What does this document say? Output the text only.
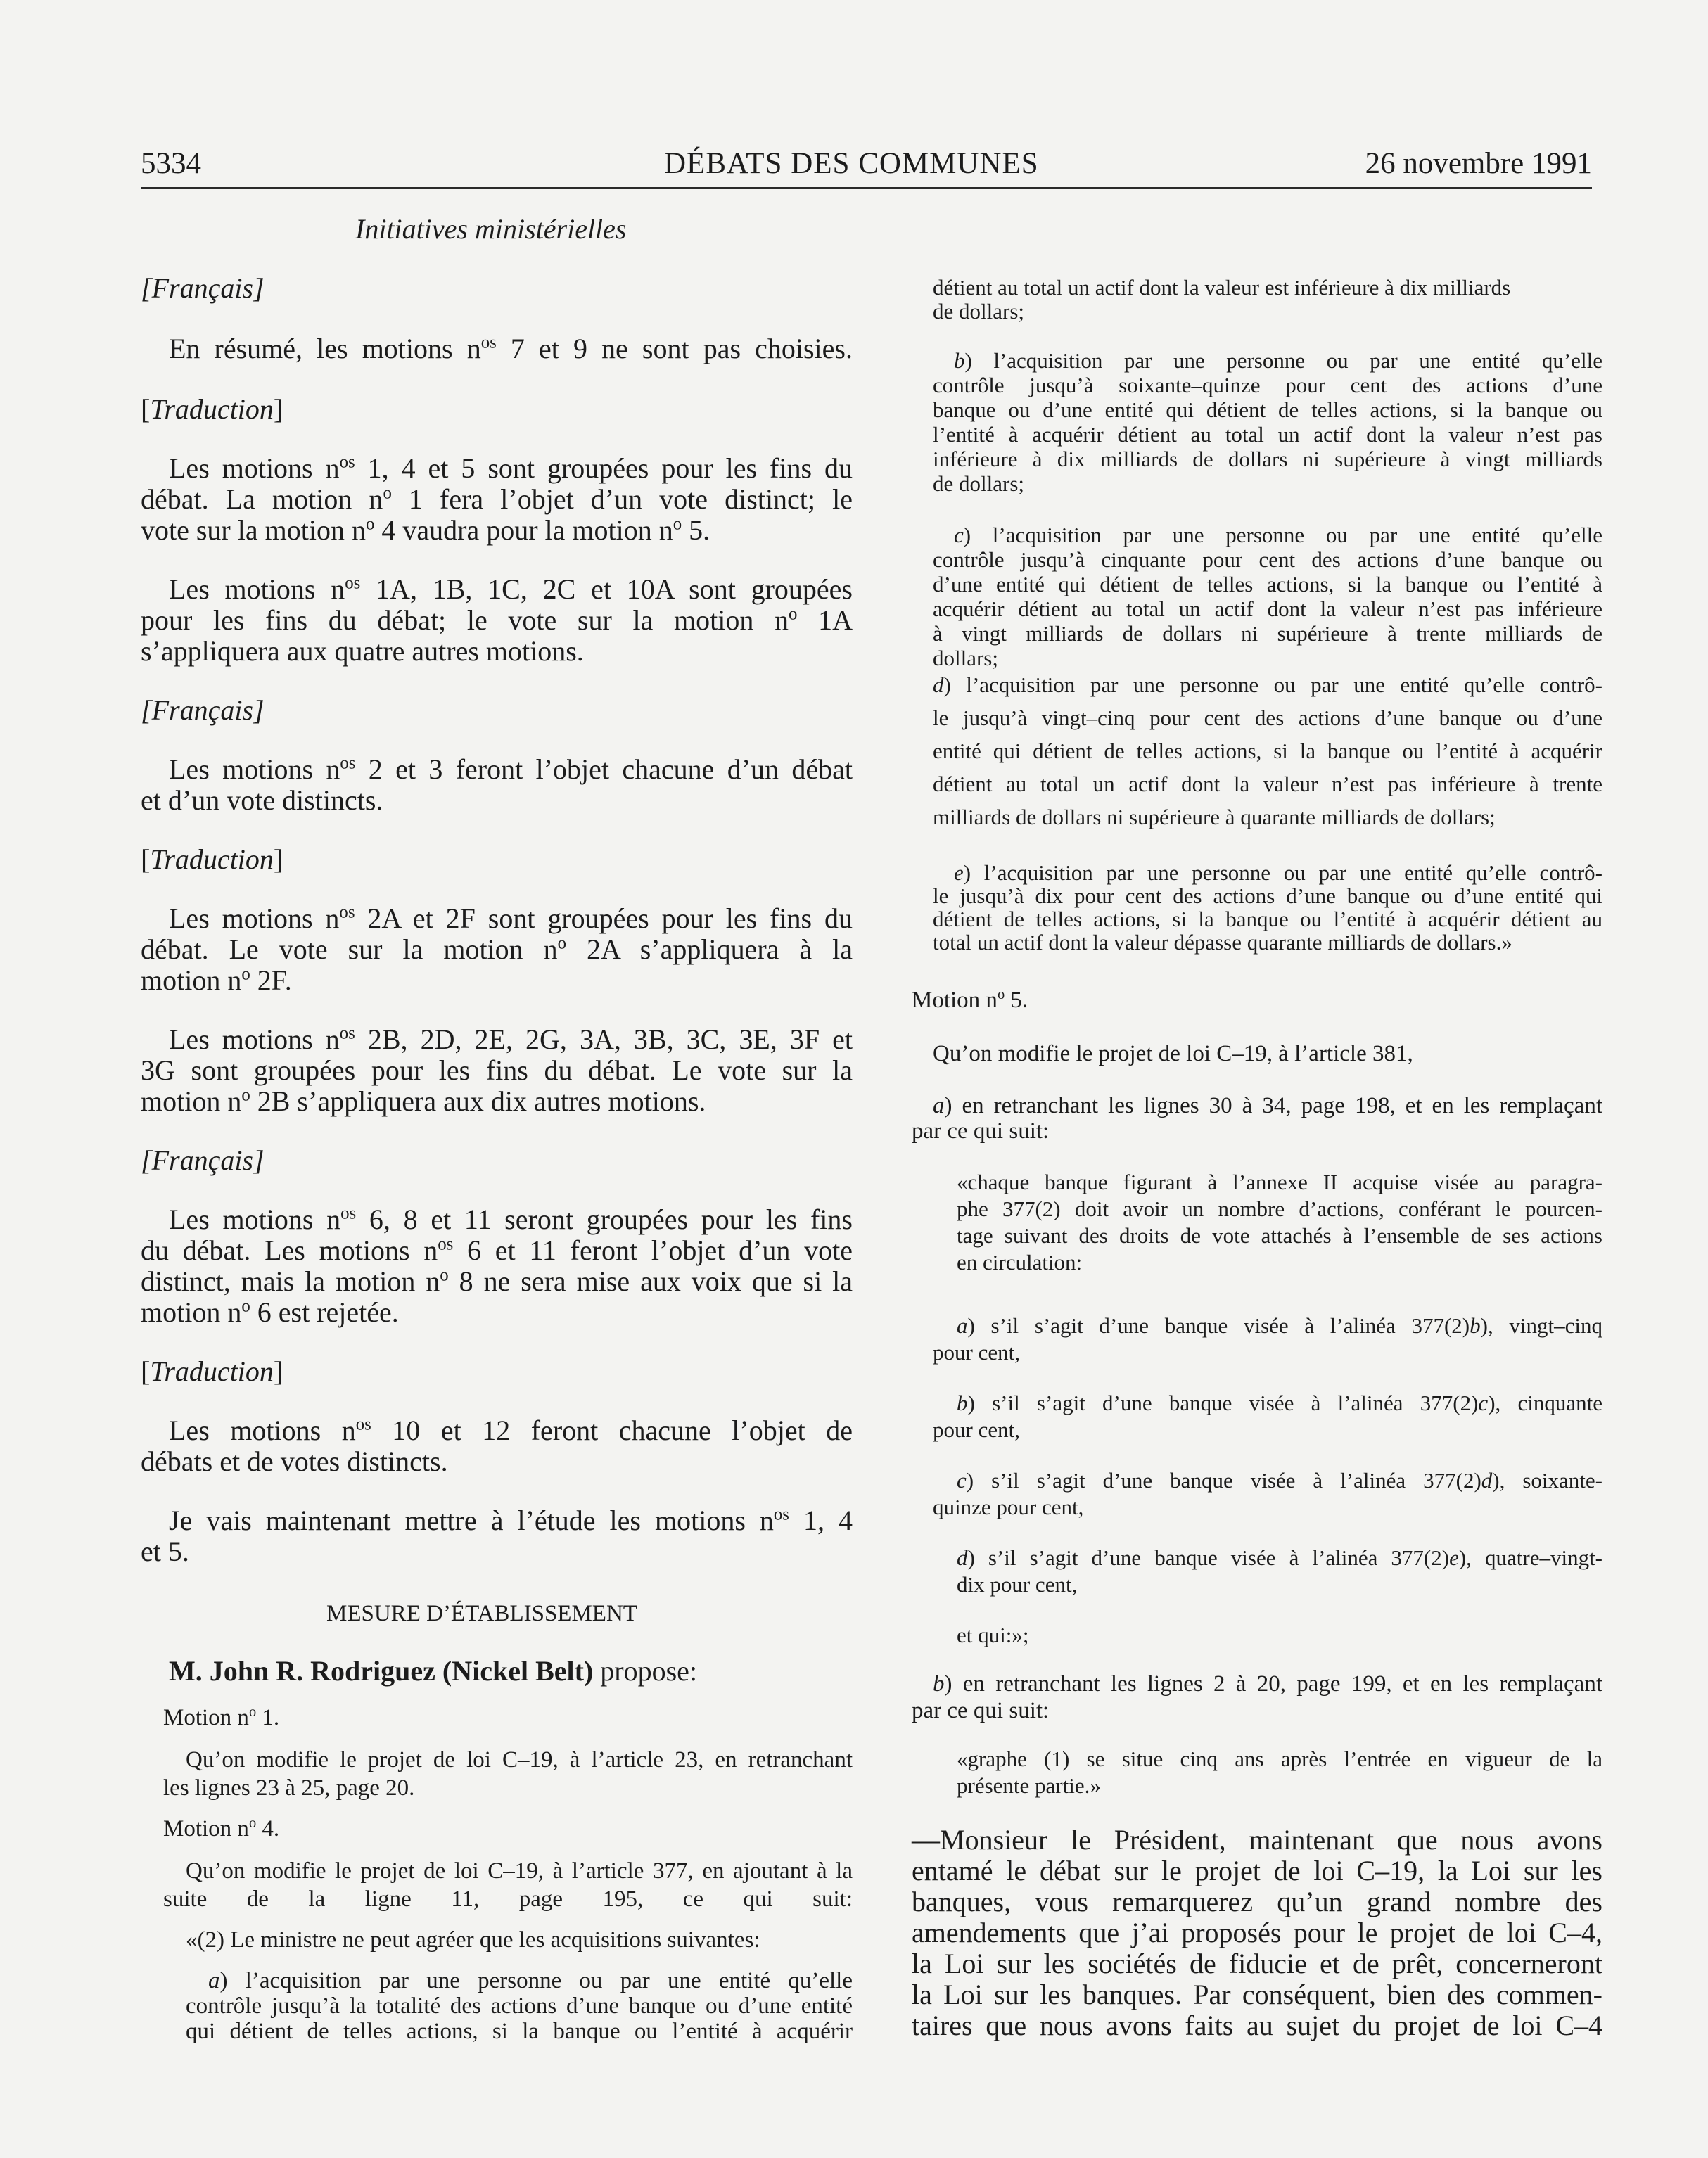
5334	DÉBATS DES COMMUNES	26 novembre 1991
Initiatives ministérielles
[Français]
En résumé, les motions $n^{os}$ 7 et 9 ne sont pas choisies.
[Traduction]
Les motions $n^{os}$ 1, 4 et 5 sont groupées pour les fins du
débat. La motion $n^o$ 1 fera l’objet d’un vote distinct; le
vote sur la motion $n^o$ 4 vaudra pour la motion $n^o$ 5.
Les motions $n^{os}$ 1A, 1B, 1C, 2C et 10A sont groupées
pour les fins du débat; le vote sur la motion $n^o$ 1A
s’appliquera aux quatre autres motions.
[Français]
Les motions $n^{os}$ 2 et 3 feront l’objet chacune d’un débat
et d’un vote distincts.
[Traduction]
Les motions $n^{os}$ 2A et 2F sont groupées pour les fins du
débat. Le vote sur la motion $n^o$ 2A s’appliquera à la
motion $n^o$ 2F.
Les motions $n^{os}$ 2B, 2D, 2E, 2G, 3A, 3B, 3C, 3E, 3F et
3G sont groupées pour les fins du débat. Le vote sur la
motion $n^o$ 2B s’appliquera aux dix autres motions.
[Français]
Les motions $n^{os}$ 6, 8 et 11 seront groupées pour les fins
du débat. Les motions $n^{os}$ 6 et 11 feront l’objet d’un vote
distinct, mais la motion $n^o$ 8 ne sera mise aux voix que si la
motion $n^o$ 6 est rejetée.
[Traduction]
Les motions $n^{os}$ 10 et 12 feront chacune l’objet de
débats et de votes distincts.
Je vais maintenant mettre à l’étude les motions $n^{os}$ 1, 4
et 5.
MESURE D’ÉTABLISSEMENT
M. John R. Rodriguez (Nickel Belt) propose:
Motion $n^o$ 1.
Qu’on modifie le projet de loi C–19, à l’article 23, en retranchant
les lignes 23 à 25, page 20.
Motion $n^o$ 4.
Qu’on modifie le projet de loi C–19, à l’article 377, en ajoutant à la
suite de la ligne 11, page 195, ce qui suit:
«(2) Le ministre ne peut agréer que les acquisitions suivantes:
a) l’acquisition par une personne ou par une entité qu’elle
contrôle jusqu’à la totalité des actions d’une banque ou d’une entité
qui détient de telles actions, si la banque ou l’entité à acquérir
détient au total un actif dont la valeur est inférieure à dix milliards
de dollars;
b) l’acquisition par une personne ou par une entité qu’elle
contrôle jusqu’à soixante–quinze pour cent des actions d’une
banque ou d’une entité qui détient de telles actions, si la banque ou
l’entité à acquérir détient au total un actif dont la valeur n’est pas
inférieure à dix milliards de dollars ni supérieure à vingt milliards
de dollars;
c) l’acquisition par une personne ou par une entité qu’elle
contrôle jusqu’à cinquante pour cent des actions d’une banque ou
d’une entité qui détient de telles actions, si la banque ou l’entité à
acquérir détient au total un actif dont la valeur n’est pas inférieure
à vingt milliards de dollars ni supérieure à trente milliards de
dollars;
d) l’acquisition par une personne ou par une entité qu’elle contrô-
le jusqu’à vingt–cinq pour cent des actions d’une banque ou d’une
entité qui détient de telles actions, si la banque ou l’entité à acquérir
détient au total un actif dont la valeur n’est pas inférieure à trente
milliards de dollars ni supérieure à quarante milliards de dollars;
e) l’acquisition par une personne ou par une entité qu’elle contrô-
le jusqu’à dix pour cent des actions d’une banque ou d’une entité qui
détient de telles actions, si la banque ou l’entité à acquérir détient au
total un actif dont la valeur dépasse quarante milliards de dollars.»
Motion $n^o$ 5.
Qu’on modifie le projet de loi C–19, à l’article 381,
a) en retranchant les lignes 30 à 34, page 198, et en les remplaçant
par ce qui suit:
«chaque banque figurant à l’annexe II acquise visée au paragra-
phe 377(2) doit avoir un nombre d’actions, conférant le pourcen-
tage suivant des droits de vote attachés à l’ensemble de ses actions
en circulation:
a) s’il s’agit d’une banque visée à l’alinéa 377(2)b), vingt–cinq
pour cent,
b) s’il s’agit d’une banque visée à l’alinéa 377(2)c), cinquante
pour cent,
c) s’il s’agit d’une banque visée à l’alinéa 377(2)d), soixante-
quinze pour cent,
d) s’il s’agit d’une banque visée à l’alinéa 377(2)e), quatre–vingt-
dix pour cent,
et qui:»;
b) en retranchant les lignes 2 à 20, page 199, et en les remplaçant
par ce qui suit:
«graphe (1) se situe cinq ans après l’entrée en vigueur de la
présente partie.»
—Monsieur le Président, maintenant que nous avons
entamé le débat sur le projet de loi C–19, la Loi sur les
banques, vous remarquerez qu’un grand nombre des
amendements que j’ai proposés pour le projet de loi C–4,
la Loi sur les sociétés de fiducie et de prêt, concerneront
la Loi sur les banques. Par conséquent, bien des commen-
taires que nous avons faits au sujet du projet de loi C–4
